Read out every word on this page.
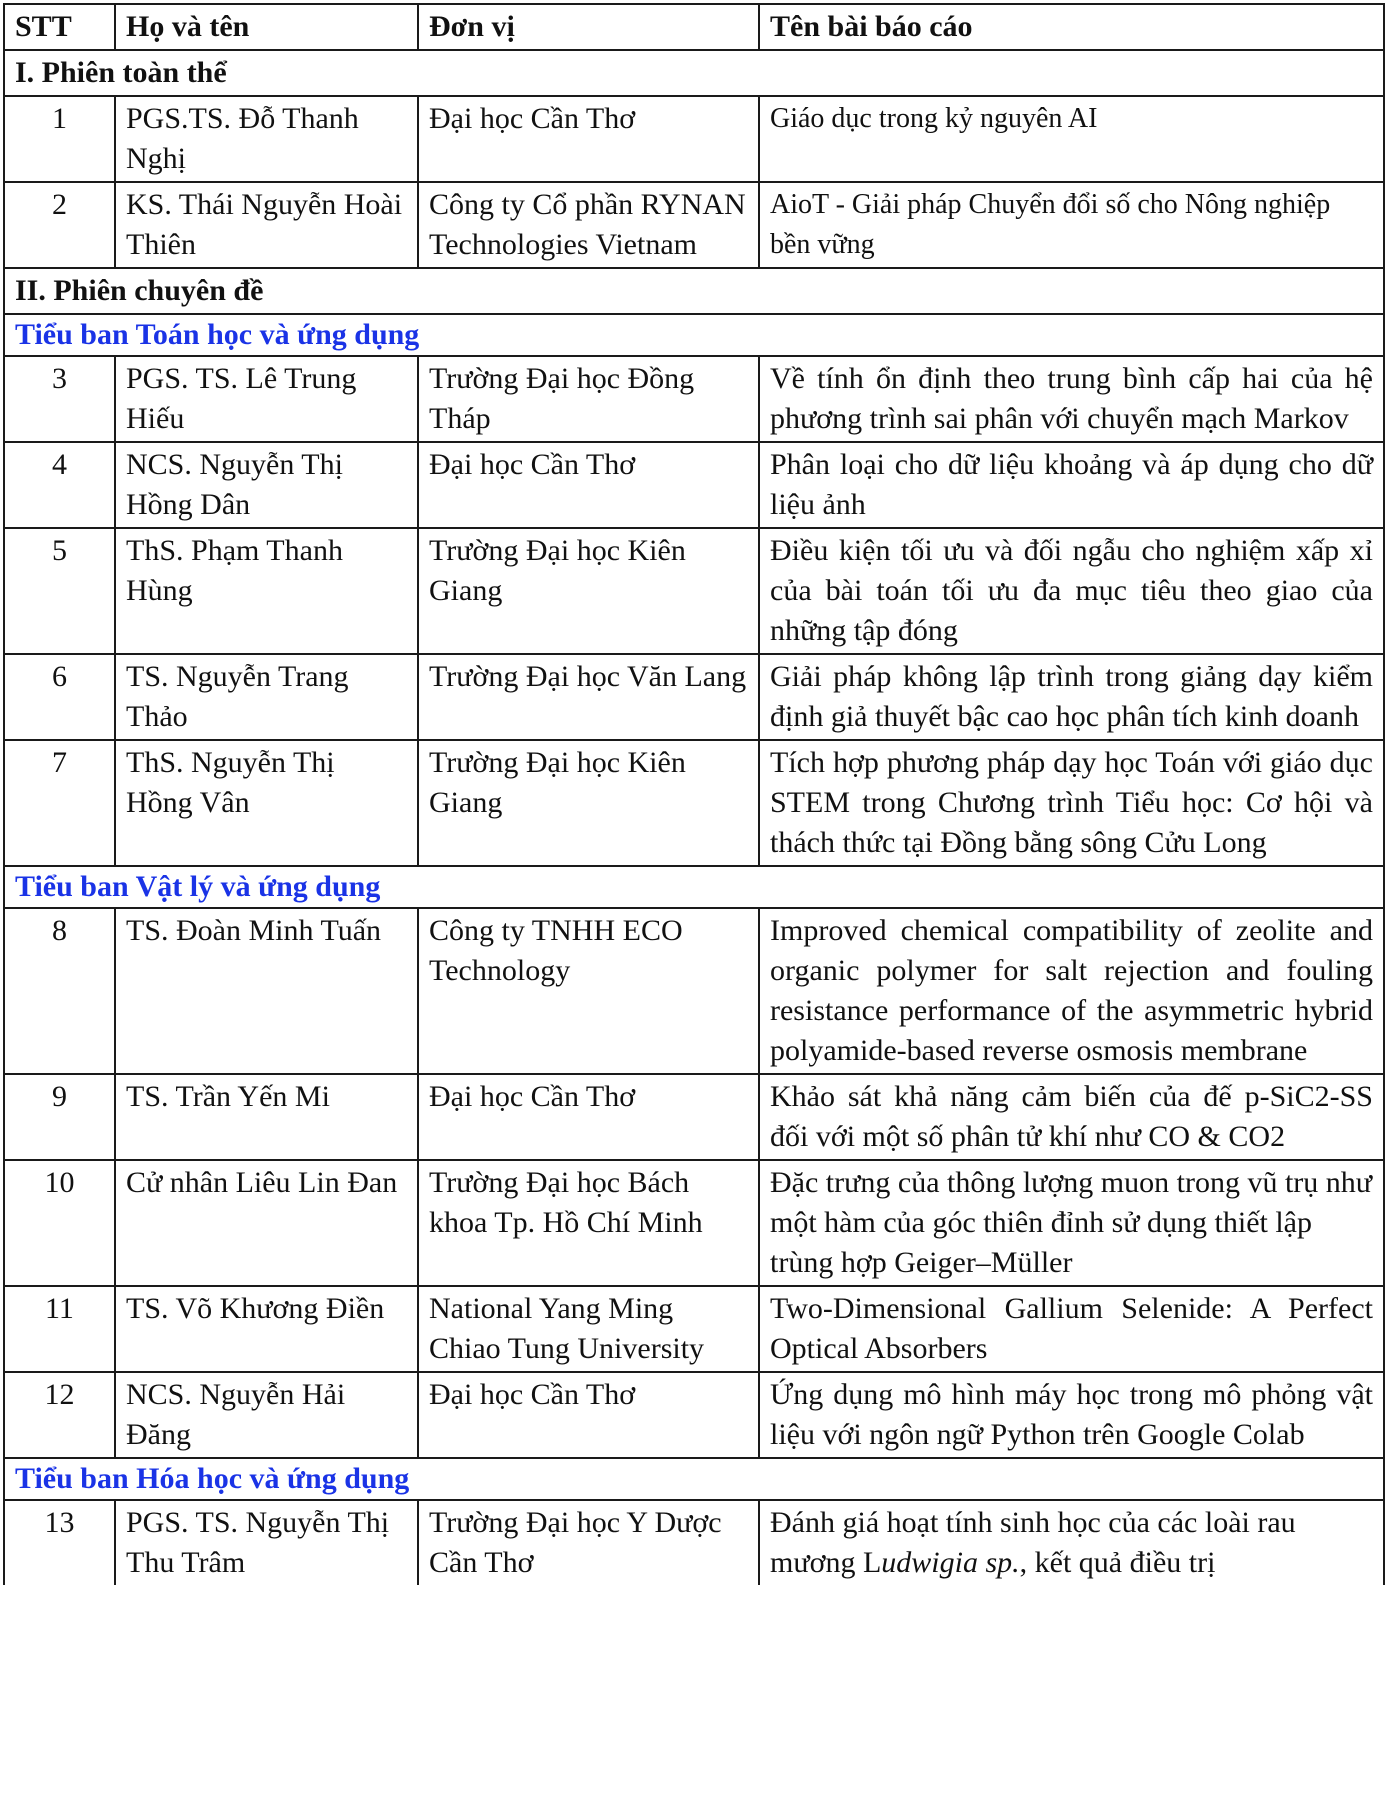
STT	Họ và tên	Đơn vị	Tên bài báo cáo
I. Phiên toàn thể			
1	PGS.TS. Đỗ Thanh Nghị	Đại học Cần Thơ	Giáo dục trong kỷ nguyên AI
2	KS. Thái Nguyễn Hoài Thiên	Công ty Cổ phần RYNAN Technologies Vietnam	AioT - Giải pháp Chuyển đổi số cho Nông nghiệp bền vững
II. Phiên chuyên đề			
Tiểu ban Toán học và ứng dụng			
3	PGS. TS. Lê Trung Hiếu	Trường Đại học Đồng Tháp	Về tính ổn định theo trung bình cấp hai của hệ phương trình sai phân với chuyển mạch Markov
4	NCS. Nguyễn Thị Hồng Dân	Đại học Cần Thơ	Phân loại cho dữ liệu khoảng và áp dụng cho dữ liệu ảnh
5	ThS. Phạm Thanh Hùng	Trường Đại học Kiên Giang	Điều kiện tối ưu và đối ngẫu cho nghiệm xấp xỉ của bài toán tối ưu đa mục tiêu theo giao của những tập đóng
6	TS. Nguyễn Trang Thảo	Trường Đại học Văn Lang	Giải pháp không lập trình trong giảng dạy kiểm định giả thuyết bậc cao học phân tích kinh doanh
7	ThS. Nguyễn Thị Hồng Vân	Trường Đại học Kiên Giang	Tích hợp phương pháp dạy học Toán với giáo dục STEM trong Chương trình Tiểu học: Cơ hội và thách thức tại Đồng bằng sông Cửu Long
Tiểu ban Vật lý và ứng dụng			
8	TS. Đoàn Minh Tuấn	Công ty TNHH ECO Technology	Improved chemical compatibility of zeolite and organic polymer for salt rejection and fouling resistance performance of the asymmetric hybrid polyamide-based reverse osmosis membrane
9	TS. Trần Yến Mi	Đại học Cần Thơ	Khảo sát khả năng cảm biến của đế p-SiC2-SS đối với một số phân tử khí như CO & CO2
10	Cử nhân Liêu Lin Đan	Trường Đại học Bách khoa Tp. Hồ Chí Minh	Đặc trưng của thông lượng muon trong vũ trụ như một hàm của góc thiên đỉnh sử dụng thiết lập trùng hợp Geiger–Müller
11	TS. Võ Khương Điền	National Yang Ming Chiao Tung University	Two-Dimensional Gallium Selenide: A Perfect Optical Absorbers
12	NCS. Nguyễn Hải Đăng	Đại học Cần Thơ	Ứng dụng mô hình máy học trong mô phỏng vật liệu với ngôn ngữ Python trên Google Colab
Tiểu ban Hóa học và ứng dụng			
13	PGS. TS. Nguyễn Thị Thu Trâm	Trường Đại học Y Dược Cần Thơ	Đánh giá hoạt tính sinh học của các loài rau mương Ludwigia sp., kết quả điều trị
